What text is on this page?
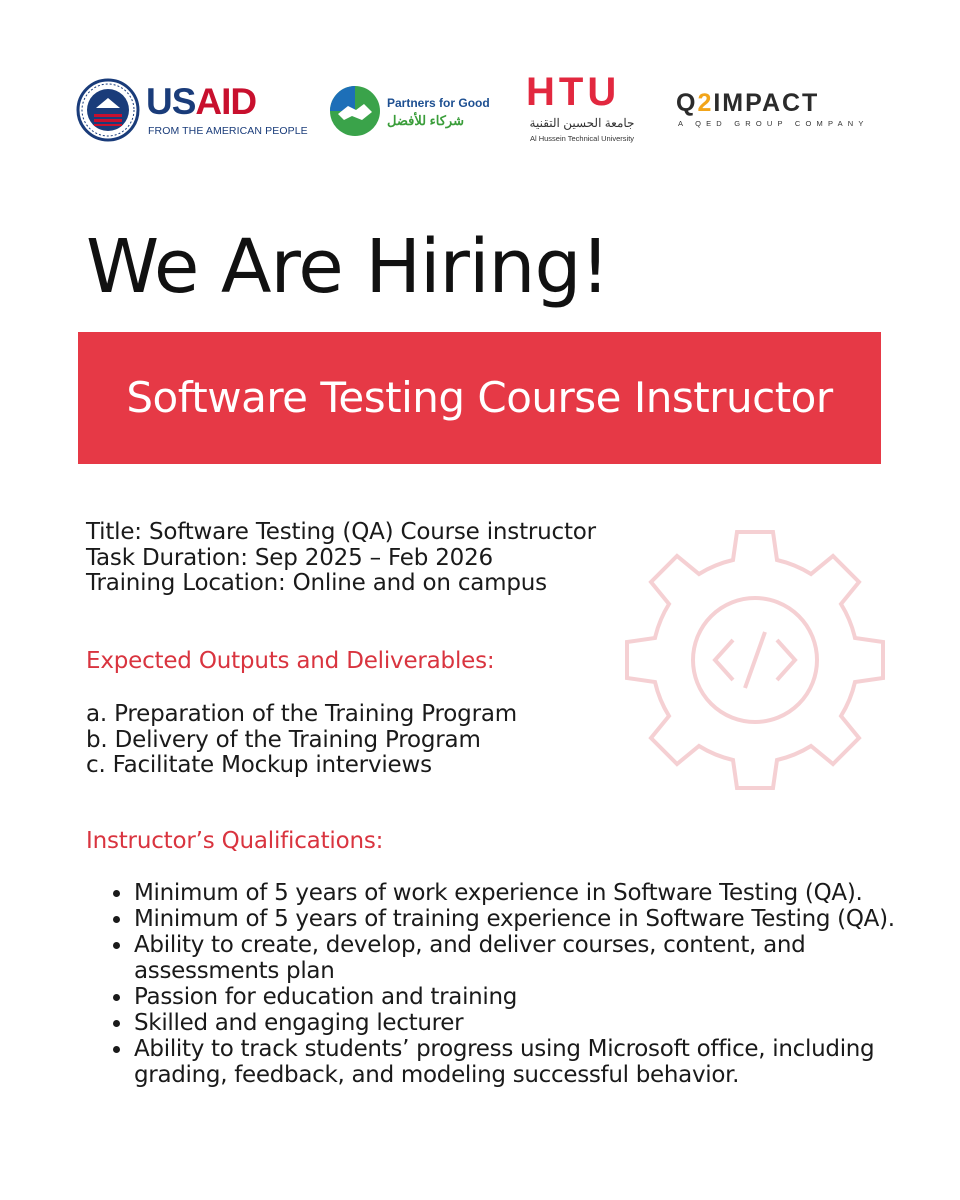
USAID
FROM THE AMERICAN PEOPLE
Partners for Good
شركاء للأفضل
HTU
جامعة الحسين التقنية
Al Hussein Technical University
Q2IMPACT
A QED GROUP COMPANY
We Are Hiring!
Software Testing Course Instructor
Title: Software Testing (QA) Course instructor
Task Duration: Sep 2025 – Feb 2026
Training Location: Online and on campus
Expected Outputs and Deliverables:
a. Preparation of the Training Program
b. Delivery of the Training Program
c. Facilitate Mockup interviews
Instructor’s Qualifications:
Minimum of 5 years of work experience in Software Testing (QA).
Minimum of 5 years of training experience in Software Testing (QA).
Ability to create, develop, and deliver courses, content, and assessments plan
Passion for education and training
Skilled and engaging lecturer
Ability to track students’ progress using Microsoft office, including grading, feedback, and modeling successful behavior.
